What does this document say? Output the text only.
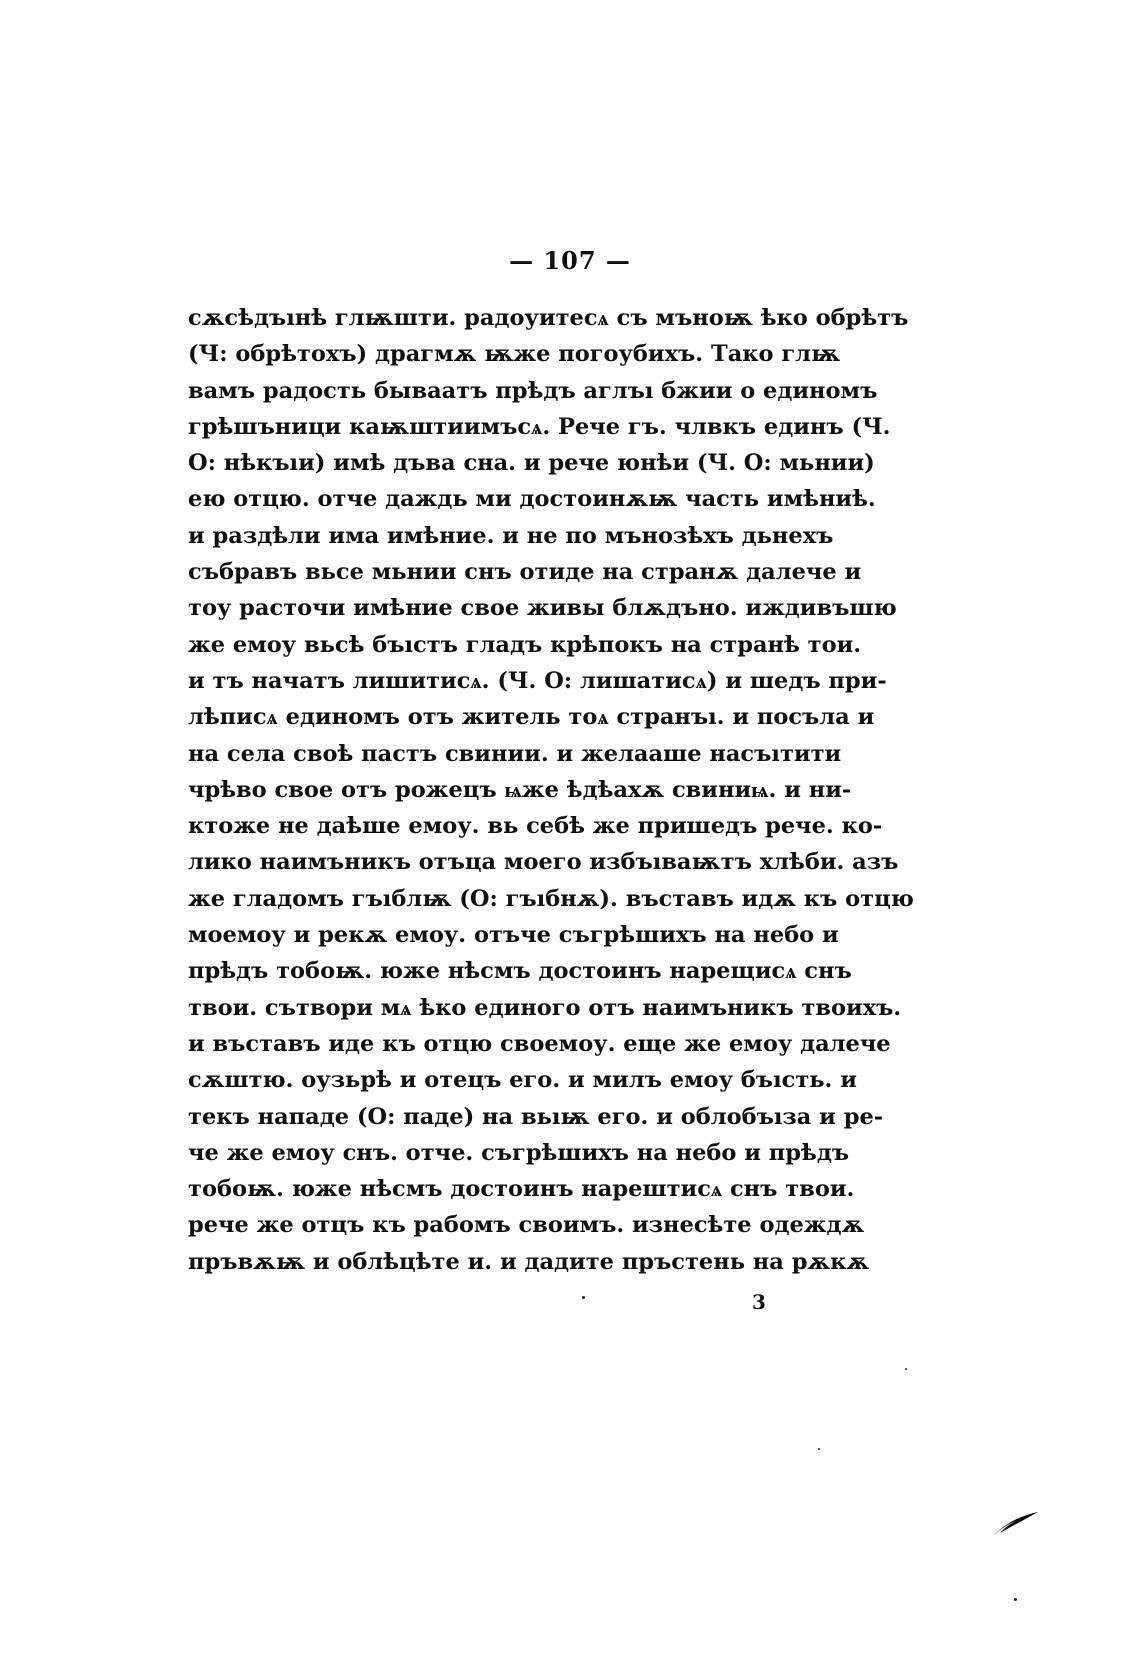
— 107 —
сѫсѣдъıнѣ глѭшти. радоуитесѧ съ мъноѭ ѣко обрѣтъ
(Ч: обрѣтохъ) драгмѫ ѭже погоубихъ. Тако глѭ
вамъ радость бываатъ прѣдъ аглъı бжии о единомъ
грѣшъници каѭштиимъсѧ. Рече гъ. члвкъ единъ (Ч.
О: нѣкъıи) имѣ дъва сна. и рече юнѣи (Ч. О: мьнии)
ею отцю. отче даждь ми достоинѫѭ часть имѣниѣ.
и раздѣли има имѣние. и не по мънозѣхъ дьнехъ
събравъ вьсе мьнии снъ отиде на странѫ далече и
тоу расточи имѣние свое живы блѫдъно. иждивъшю
же емоу вьсѣ бъıстъ гладъ крѣпокъ на странѣ тои.
и тъ начатъ лишитисѧ. (Ч. О: лишатисѧ) и шедъ при-
лѣписѧ единомъ отъ житель тоѧ странъı. и посъла и
на села своѣ пастъ свинии. и желааше насъıтити
чрѣво свое отъ рожецъ ѩже ѣдѣахѫ свиниѩ. и ни-
ктоже не даѣше емоу. вь себѣ же пришедъ рече. ко-
лико наимъникъ отъца моего избъıваѭтъ хлѣби. азъ
же гладомъ гъıблѭ (О: гъıбнѫ). въставъ идѫ къ отцю
моемоу и рекѫ емоу. отъче съгрѣшихъ на небо и
прѣдъ тобоѭ. юже нѣсмъ достоинъ нарещисѧ снъ
твои. сътвори мѧ ѣко единого отъ наимъникъ твоихъ.
и въставъ иде къ отцю своемоу. еще же емоу далече
сѫштю. оузьрѣ и отецъ его. и милъ емоу бъıсть. и
текъ нападе (О: паде) на вьıѭ его. и облобъıза и ре-
че же емоу снъ. отче. съгрѣшихъ на небо и прѣдъ
тобоѭ. юже нѣсмъ достоинъ нарештисѧ снъ твои.
рече же отцъ къ рабомъ своимъ. изнесѣте одеждѫ
пръвѫѭ и облѣцѣте и. и дадите пръстень на рѫкѫ
3
